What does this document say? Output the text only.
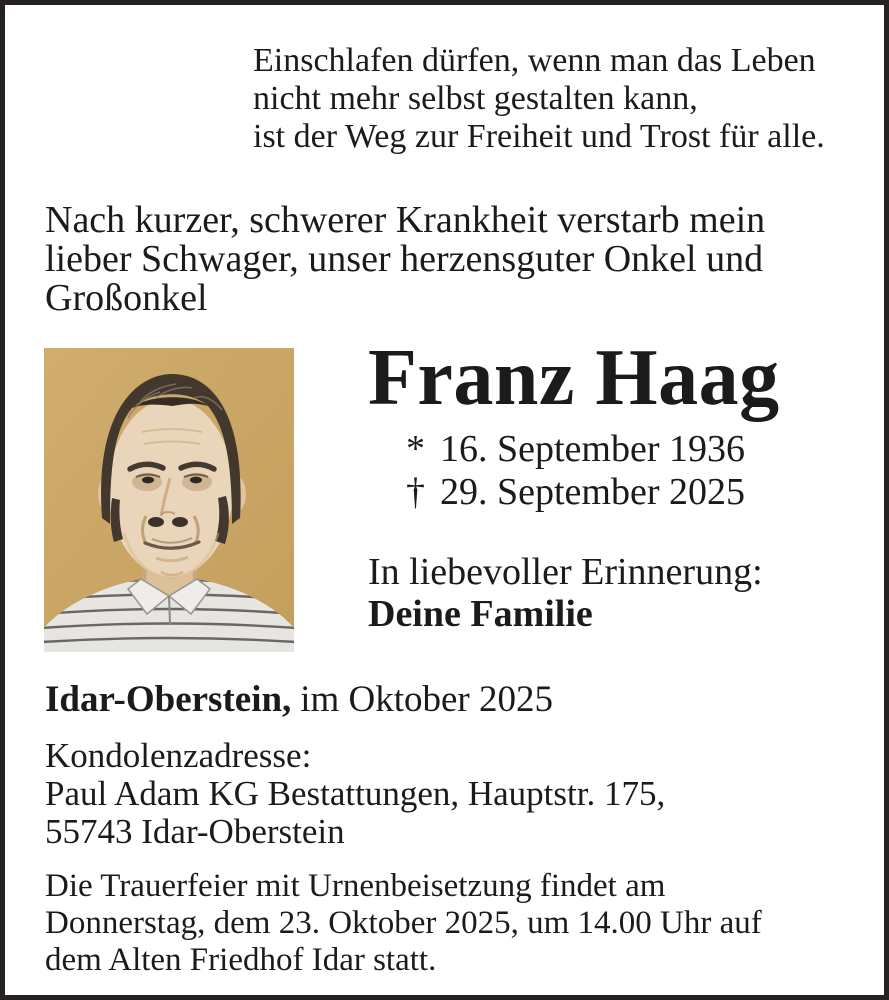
Einschlafen dürfen, wenn man das Leben
nicht mehr selbst gestalten kann,
ist der Weg zur Freiheit und Trost für alle.
Nach kurzer, schwerer Krankheit verstarb mein
lieber Schwager, unser herzensguter Onkel und
Großonkel
Franz Haag
* 16. September 1936
† 29. September 2025
In liebevoller Erinnerung:
Deine Familie
Idar-Oberstein, im Oktober 2025
Kondolenzadresse:
Paul Adam KG Bestattungen, Hauptstr. 175,
55743 Idar-Oberstein
Die Trauerfeier mit Urnenbeisetzung findet am
Donnerstag, dem 23. Oktober 2025, um 14.00 Uhr auf
dem Alten Friedhof Idar statt.
